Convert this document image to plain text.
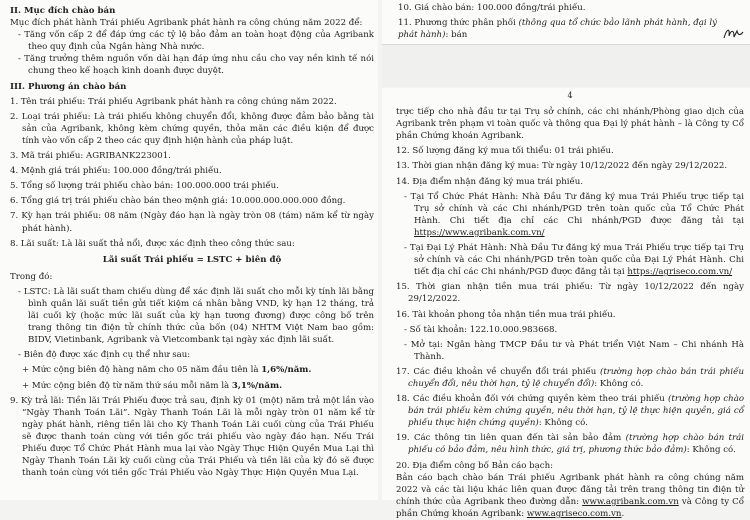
II. Mục đích chào bán

Mục đích phát hành Trái phiếu Agribank phát hành ra công chúng năm 2022 để:

- Tăng vốn cấp 2 để đáp ứng các tỷ lệ bảo đảm an toàn hoạt động của Agribank theo quy định của Ngân hàng Nhà nước.

- Tăng trưởng thêm nguồn vốn dài hạn đáp ứng nhu cầu cho vay nền kinh tế nói chung theo kế hoạch kinh doanh được duyệt.

III. Phương án chào bán

1. Tên trái phiếu: Trái phiếu Agribank phát hành ra công chúng năm 2022.

2. Loại trái phiếu: Là trái phiếu không chuyển đổi, không được đảm bảo bằng tài sản của Agribank, không kèm chứng quyền, thỏa mãn các điều kiện để được tính vào vốn cấp 2 theo các quy định hiện hành của pháp luật.

3. Mã trái phiếu: AGRIBANK223001.

4. Mệnh giá trái phiếu: 100.000 đồng/trái phiếu.

5. Tổng số lượng trái phiếu chào bán: 100.000.000 trái phiếu.

6. Tổng giá trị trái phiếu chào bán theo mệnh giá: 10.000.000.000.000 đồng.

7. Kỳ hạn trái phiếu: 08 năm (Ngày đáo hạn là ngày tròn 08 (tám) năm kể từ ngày phát hành).

8. Lãi suất: Là lãi suất thả nổi, được xác định theo công thức sau:

Lãi suất Trái phiếu = LSTC + biên độ

Trong đó:

- LSTC: Là lãi suất tham chiếu dùng để xác định lãi suất cho mỗi kỳ tính lãi bằng bình quân lãi suất tiền gửi tiết kiệm cá nhân bằng VND, kỳ hạn 12 tháng, trả lãi cuối kỳ (hoặc mức lãi suất của kỳ hạn tương đương) được công bố trên trang thông tin điện tử chính thức của bốn (04) NHTM Việt Nam bao gồm: BIDV, Vietinbank, Agribank và Vietcombank tại ngày xác định lãi suất.

- Biên độ được xác định cụ thể như sau:

+ Mức cộng biên độ hàng năm cho 05 năm đầu tiên là 1,6%/năm.

+ Mức cộng biên độ từ năm thứ sáu mỗi năm là 3,1%/năm.

9. Kỳ trả lãi: Tiền lãi Trái Phiếu được trả sau, định kỳ 01 (một) năm trả một lần vào “Ngày Thanh Toán Lãi”. Ngày Thanh Toán Lãi là mỗi ngày tròn 01 năm kể từ ngày phát hành, riêng tiền lãi cho Kỳ Thanh Toán Lãi cuối cùng của Trái Phiếu sẽ được thanh toán cùng với tiền gốc trái phiếu vào ngày đáo hạn. Nếu Trái Phiếu được Tổ Chức Phát Hành mua lại vào Ngày Thực Hiện Quyền Mua Lại thì Ngày Thanh Toán Lãi kỳ cuối cùng của Trái Phiếu và tiền lãi của kỳ đó sẽ được thanh toán cùng với tiền gốc Trái Phiếu vào Ngày Thực Hiện Quyền Mua Lại.

10. Giá chào bán: 100.000 đồng/trái phiếu.

11. Phương thức phân phối (thông qua tổ chức bảo lãnh phát hành, đại lý phát hành): bán

4

trực tiếp cho nhà đầu tư tại Trụ sở chính, các chi nhánh/Phòng giao dịch của Agribank trên phạm vi toàn quốc và thông qua Đại lý phát hành – là Công ty Cổ phần Chứng khoán Agribank.

12. Số lượng đăng ký mua tối thiểu: 01 trái phiếu.

13. Thời gian nhận đăng ký mua: Từ ngày 10/12/2022 đến ngày 29/12/2022.

14. Địa điểm nhận đăng ký mua trái phiếu.

- Tại Tổ Chức Phát Hành: Nhà Đầu Tư đăng ký mua Trái Phiếu trực tiếp tại Trụ sở chính và các Chi nhánh/PGD trên toàn quốc của Tổ Chức Phát Hành. Chi tiết địa chỉ các Chi nhánh/PGD được đăng tải tại https://www.agribank.com.vn/

- Tại Đại Lý Phát Hành: Nhà Đầu Tư đăng ký mua Trái Phiếu trực tiếp tại Trụ sở chính và các Chi nhánh/PGD trên toàn quốc của Đại Lý Phát Hành. Chi tiết địa chỉ các Chi nhánh/PGD được đăng tải tại https://agriseco.com.vn/

15. Thời gian nhận tiền mua trái phiếu: Từ ngày 10/12/2022 đến ngày 29/12/2022.

16. Tài khoản phong tỏa nhận tiền mua trái phiếu.

- Số tài khoản: 122.10.000.983668.

- Mở tại: Ngân hàng TMCP Đầu tư và Phát triển Việt Nam – Chi nhánh Hà Thành.

17. Các điều khoản về chuyển đổi trái phiếu (trường hợp chào bán trái phiếu chuyển đổi, nêu thời hạn, tỷ lệ chuyển đổi): Không có.

18. Các điều khoản đối với chứng quyền kèm theo trái phiếu (trường hợp chào bán trái phiếu kèm chứng quyền, nêu thời hạn, tỷ lệ thực hiện quyền, giá cổ phiếu thực hiện chứng quyền): Không có.

19. Các thông tin liên quan đến tài sản bảo đảm (trường hợp chào bán trái phiếu có bảo đảm, nêu hình thức, giá trị, phương thức bảo đảm): Không có.

20. Địa điểm công bố Bản cáo bạch:

Bản cáo bạch chào bán Trái phiếu Agribank phát hành ra công chúng năm 2022 và các tài liệu khác liên quan được đăng tải trên trang thông tin điện tử chính thức của Agribank theo đường dẫn: www.agribank.com.vn và Công ty Cổ phần Chứng khoán Agribank: www.agriseco.com.vn.
